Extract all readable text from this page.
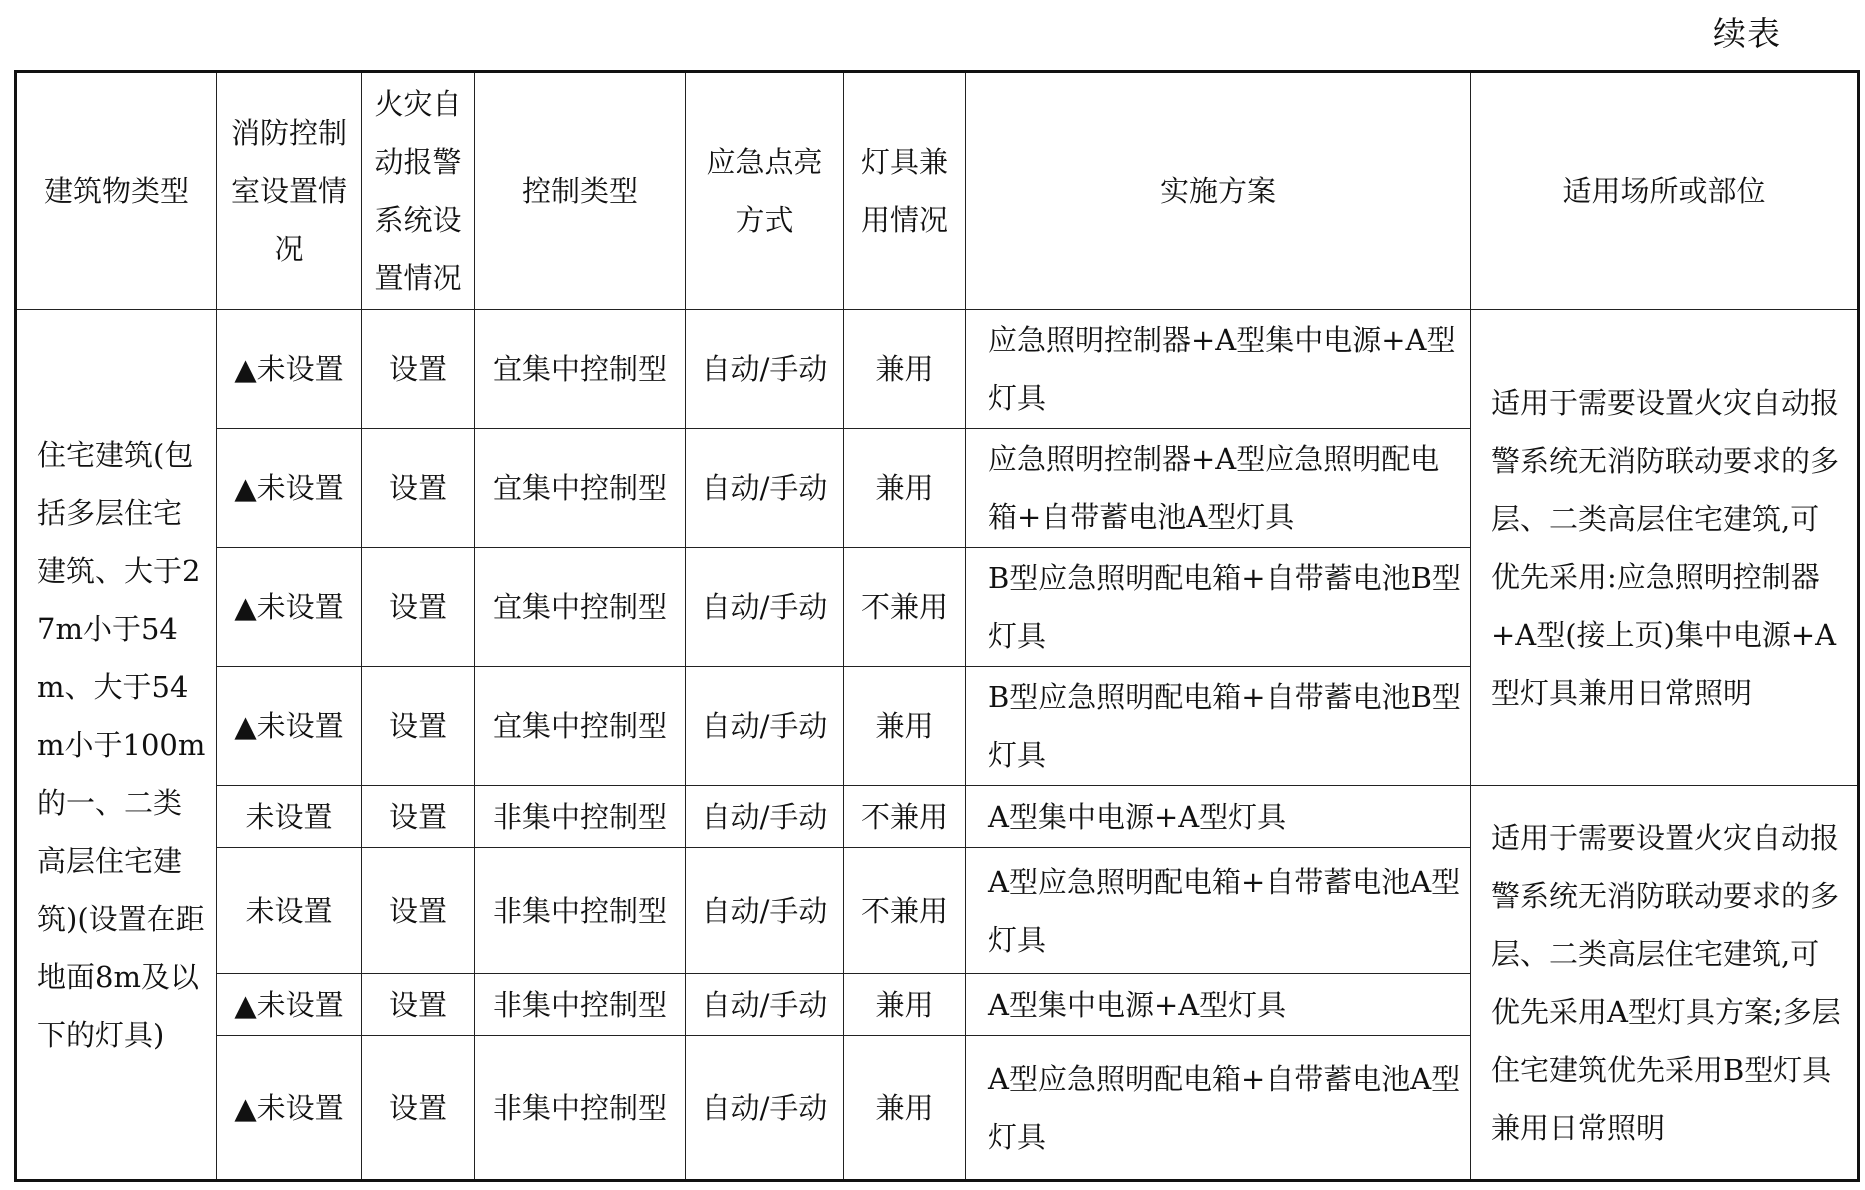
续表
建筑物类型	消防控制室设置情况	火灾自动报警系统设置情况	控制类型	应急点亮方式	灯具兼用情况	实施方案	适用场所或部位
住宅建筑(包括多层住宅建筑、大于27m小于54m、大于54m小于100m的一、二类高层住宅建筑)(设置在距地面8m及以下的灯具)	▲未设置	设置	宜集中控制型	自动/手动	兼用	应急照明控制器+A型集中电源+A型灯具	适用于需要设置火灾自动报警系统无消防联动要求的多层、二类高层住宅建筑,可优先采用:应急照明控制器+A型(接上页)集中电源+A型灯具兼用日常照明
	▲未设置	设置	宜集中控制型	自动/手动	兼用	应急照明控制器+A型应急照明配电箱+自带蓄电池A型灯具	
	▲未设置	设置	宜集中控制型	自动/手动	不兼用	B型应急照明配电箱+自带蓄电池B型灯具	
	▲未设置	设置	宜集中控制型	自动/手动	兼用	B型应急照明配电箱+自带蓄电池B型灯具	
	未设置	设置	非集中控制型	自动/手动	不兼用	A型集中电源+A型灯具	适用于需要设置火灾自动报警系统无消防联动要求的多层、二类高层住宅建筑,可优先采用A型灯具方案;多层住宅建筑优先采用B型灯具兼用日常照明
	未设置	设置	非集中控制型	自动/手动	不兼用	A型应急照明配电箱+自带蓄电池A型灯具	
	▲未设置	设置	非集中控制型	自动/手动	兼用	A型集中电源+A型灯具	
	▲未设置	设置	非集中控制型	自动/手动	兼用	A型应急照明配电箱+自带蓄电池A型灯具	
